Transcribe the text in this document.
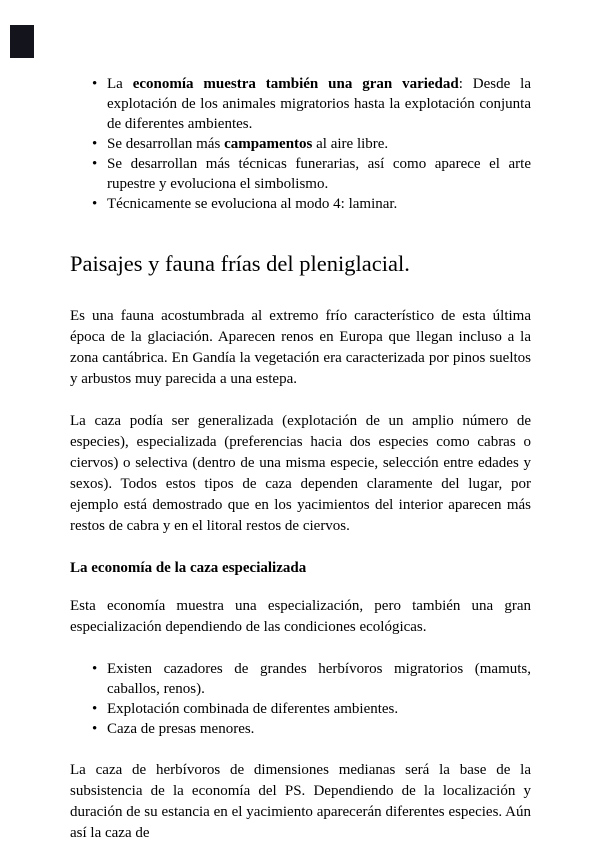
• La economía muestra también una gran variedad: Desde la explotación de los animales migratorios hasta la explotación conjunta de diferentes ambientes.
• Se desarrollan más campamentos al aire libre.
• Se desarrollan más técnicas funerarias, así como aparece el arte rupestre y evoluciona el simbolismo.
• Técnicamente se evoluciona al modo 4: laminar.
Paisajes y fauna frías del pleniglacial.

Es una fauna acostumbrada al extremo frío característico de esta última época de la glaciación. Aparecen renos en Europa que llegan incluso a la zona cantábrica. En Gandía la vegetación era caracterizada por pinos sueltos y arbustos muy parecida a una estepa.

La caza podía ser generalizada (explotación de un amplio número de especies), especializada (preferencias hacia dos especies como cabras o ciervos) o selectiva (dentro de una misma especie, selección entre edades y sexos). Todos estos tipos de caza dependen claramente del lugar, por ejemplo está demostrado que en los yacimientos del interior aparecen más restos de cabra y en el litoral restos de ciervos.

La economía de la caza especializada

Esta economía muestra una especialización, pero también una gran especialización dependiendo de las condiciones ecológicas.

• Existen cazadores de grandes herbívoros migratorios (mamuts, caballos, renos).
• Explotación combinada de diferentes ambientes.
• Caza de presas menores.

La caza de herbívoros de dimensiones medianas será la base de la subsistencia de la economía del PS. Dependiendo de la localización y duración de su estancia en el yacimiento aparecerán diferentes especies. Aún así la caza de
